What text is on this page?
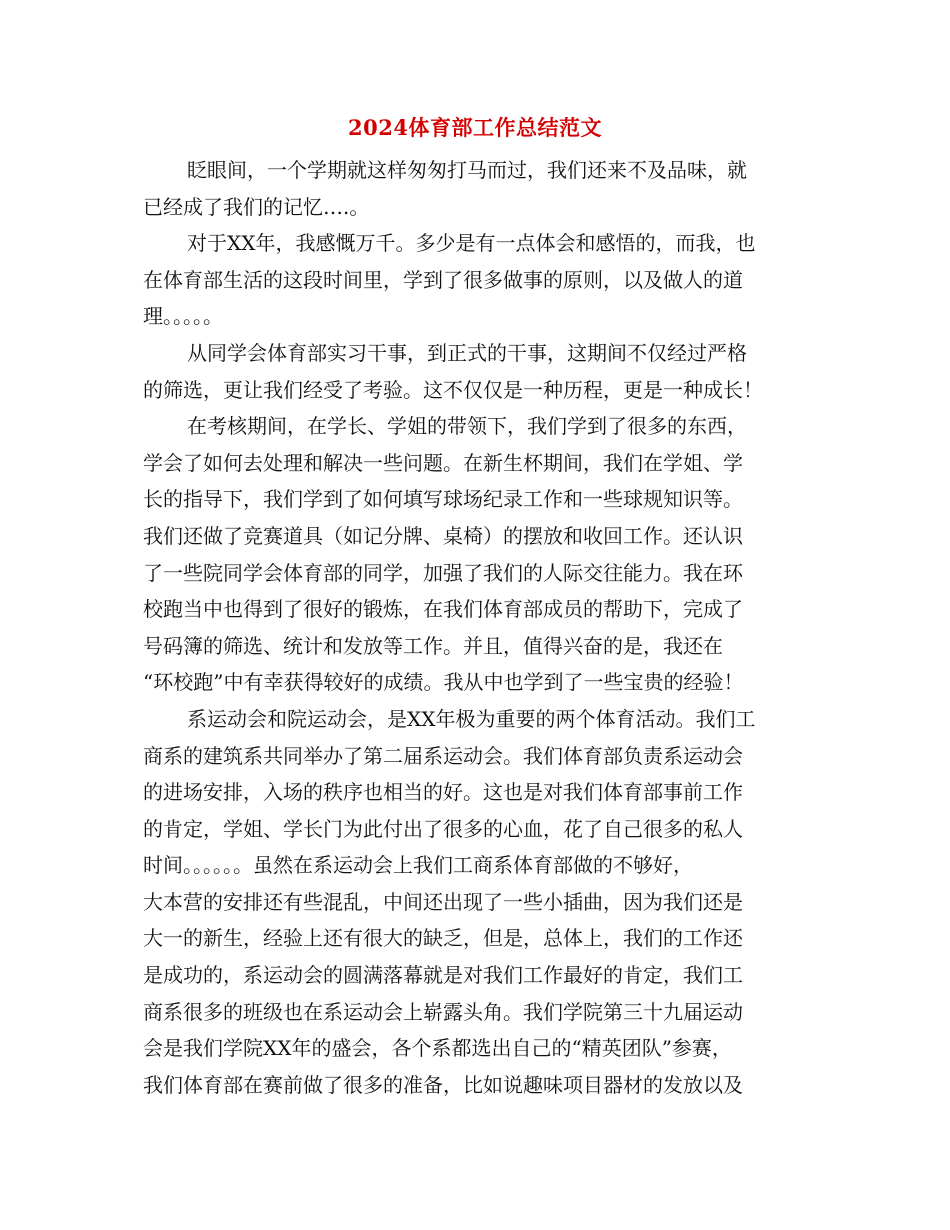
2024体育部工作总结范文
眨眼间，一个学期就这样匆匆打马而过，我们还来不及品味，就
已经成了我们的记忆….。
对于XX年，我感慨万千。多少是有一点体会和感悟的，而我，也
在体育部生活的这段时间里，学到了很多做事的原则，以及做人的道
理。。。。。
从同学会体育部实习干事，到正式的干事，这期间不仅经过严格
的筛选，更让我们经受了考验。这不仅仅是一种历程，更是一种成长！
在考核期间，在学长、学姐的带领下，我们学到了很多的东西，
学会了如何去处理和解决一些问题。在新生杯期间，我们在学姐、学
长的指导下，我们学到了如何填写球场纪录工作和一些球规知识等。
我们还做了竞赛道具（如记分牌、桌椅）的摆放和收回工作。还认识
了一些院同学会体育部的同学，加强了我们的人际交往能力。我在环
校跑当中也得到了很好的锻炼，在我们体育部成员的帮助下，完成了
号码簿的筛选、统计和发放等工作。并且，值得兴奋的是，我还在
“环校跑”中有幸获得较好的成绩。我从中也学到了一些宝贵的经验！
系运动会和院运动会，是XX年极为重要的两个体育活动。我们工
商系的建筑系共同举办了第二届系运动会。我们体育部负责系运动会
的进场安排，入场的秩序也相当的好。这也是对我们体育部事前工作
的肯定，学姐、学长门为此付出了很多的心血，花了自己很多的私人
时间。。。。。。虽然在系运动会上我们工商系体育部做的不够好，
大本营的安排还有些混乱，中间还出现了一些小插曲，因为我们还是
大一的新生，经验上还有很大的缺乏，但是，总体上，我们的工作还
是成功的，系运动会的圆满落幕就是对我们工作最好的肯定，我们工
商系很多的班级也在系运动会上崭露头角。我们学院第三十九届运动
会是我们学院XX年的盛会，各个系都选出自己的“精英团队”参赛，
我们体育部在赛前做了很多的准备，比如说趣味项目器材的发放以及
